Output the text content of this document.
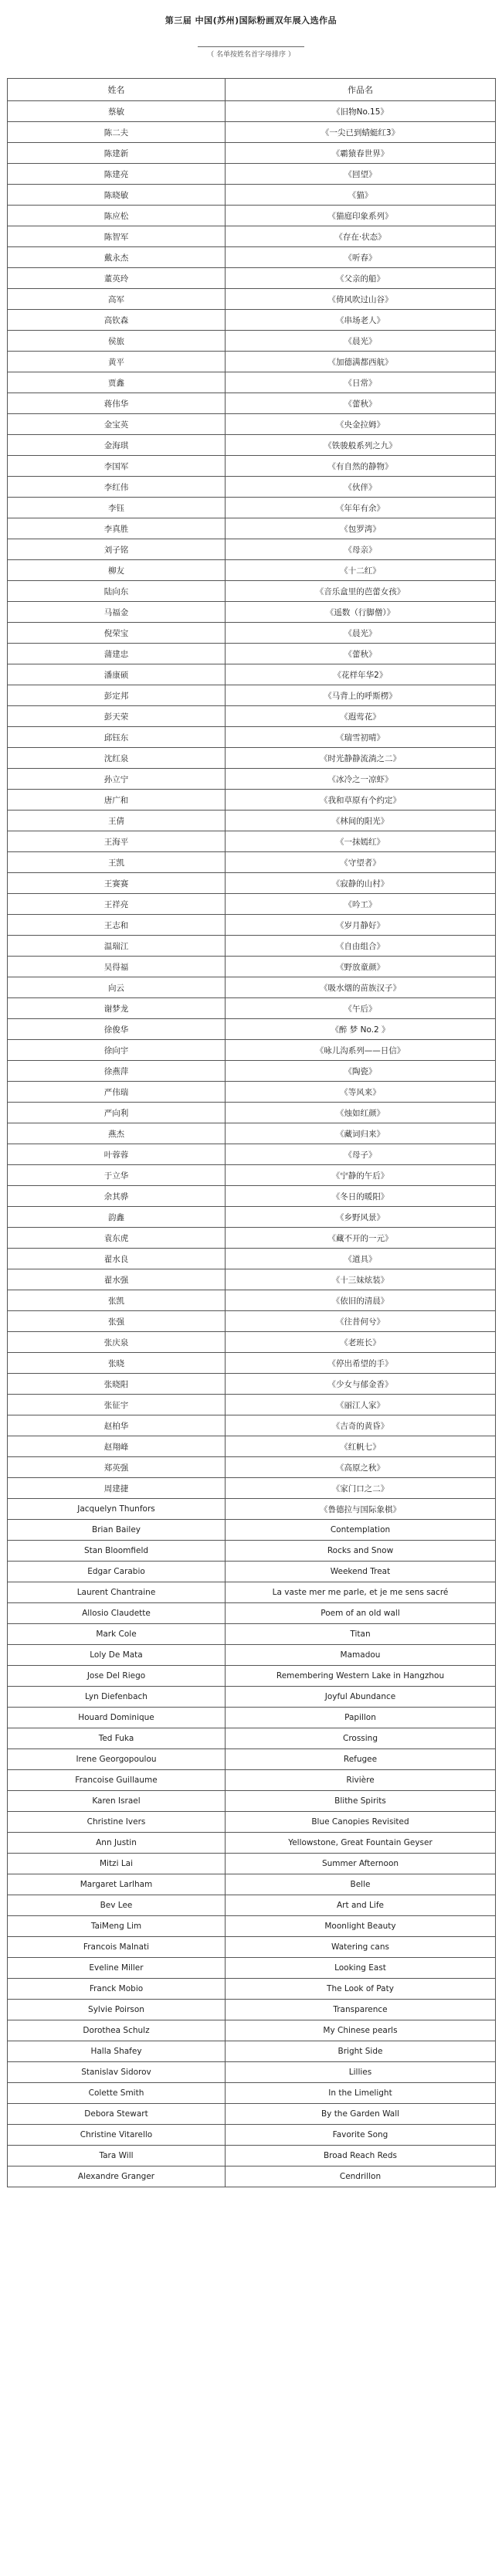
第三届 中国(苏州)国际粉画双年展入选作品
（ 名单按姓名首字母排序 ）
姓名	作品名
蔡敏	《旧物No.15》
陈二夫	《一尖已到蜻蜓红3》
陈建新	《霸猿春世界》
陈建亮	《回望》
陈晓敏	《猫》
陈应松	《猫庭印象系列》
陈智军	《存在·状态》
戴永杰	《听春》
董英玲	《父亲的船》
高军	《倚风吹过山谷》
高钦森	《串场老人》
侯旅	《晨光》
黄平	《加德满都西航》
贾鑫	《日常》
蒋伟华	《蕾秋》
金宝英	《央金拉姆》
金海琪	《铁骏般系列之九》
李国军	《有自然的静物》
李红伟	《伙伴》
李钰	《年年有余》
李真胜	《包罗湾》
刘子铭	《母亲》
柳友	《十二红》
陆向东	《音乐盒里的芭蕾女孩》
马福金	《遥数（行脚僧）》
倪荣宝	《晨光》
蒲建忠	《蕾秋》
潘康硕	《花样年华2》
彭定邦	《马背上的呼斯楞》
彭天荣	《遐莺花》
邱钰东	《瑞雪初晴》
沈红泉	《时光静静流淌之二》
孙立宁	《冰冷之一凉虾》
唐广和	《我和草原有个约定》
王倩	《林间的阳光》
王海平	《一抹嫣红》
王凯	《守望者》
王赛赛	《寂静的山村》
王祥亮	《吟工》
王志和	《岁月静好》
温瑞江	《自由组合》
吴得福	《野放童颜》
向云	《吸水烟的苗族汉子》
谢梦龙	《午后》
徐俊华	《醉 梦 No.2 》
徐向宇	《咏儿沟系列——日信》
徐燕萍	《陶瓷》
严伟瑞	《等风来》
严向利	《烛如红颜》
燕杰	《藏词归来》
叶蓉蓉	《母子》
于立华	《宁静的午后》
余其骅	《冬日的暖阳》
韵鑫	《乡野风景》
袁东虎	《藏不开的一元》
翟水良	《道具》
翟水强	《十三妹炫装》
张凯	《依旧的清晨》
张强	《往昔何兮》
张庆泉	《老班长》
张晓	《停出希望的手》
张晓阳	《少女与郁金香》
张征宇	《丽江人家》
赵柏华	《吉奇的黄昏》
赵翔峰	《红帆七》
郑英强	《高原之秋》
周建捷	《家门口之二》
Jacquelyn Thunfors	《鲁德拉与国际象棋》
Brian Bailey	Contemplation
Stan Bloomfield	Rocks and Snow
Edgar Carabio	Weekend Treat
Laurent Chantraine	La vaste mer me parle, et je me sens sacré
Allosio Claudette	Poem of an old wall
Mark Cole	Titan
Loly De Mata	Mamadou
Jose Del Riego	Remembering Western Lake in Hangzhou
Lyn Diefenbach	Joyful Abundance
Houard Dominique	Papillon
Ted Fuka	Crossing
Irene Georgopoulou	Refugee
Francoise Guillaume	Rivière
Karen Israel	Blithe Spirits
Christine Ivers	Blue Canopies Revisited
Ann Justin	Yellowstone, Great Fountain Geyser
Mitzi Lai	Summer Afternoon
Margaret Larlham	Belle
Bev Lee	Art and Life
TaiMeng Lim	Moonlight Beauty
Francois Malnati	Watering cans
Eveline Miller	Looking East
Franck Mobio	The Look of Paty
Sylvie Poirson	Transparence
Dorothea Schulz	My Chinese pearls
Halla Shafey	Bright Side
Stanislav Sidorov	Lillies
Colette Smith	In the Limelight
Debora Stewart	By the Garden Wall
Christine Vitarello	Favorite Song
Tara Will	Broad Reach Reds
Alexandre Granger	Cendrillon
